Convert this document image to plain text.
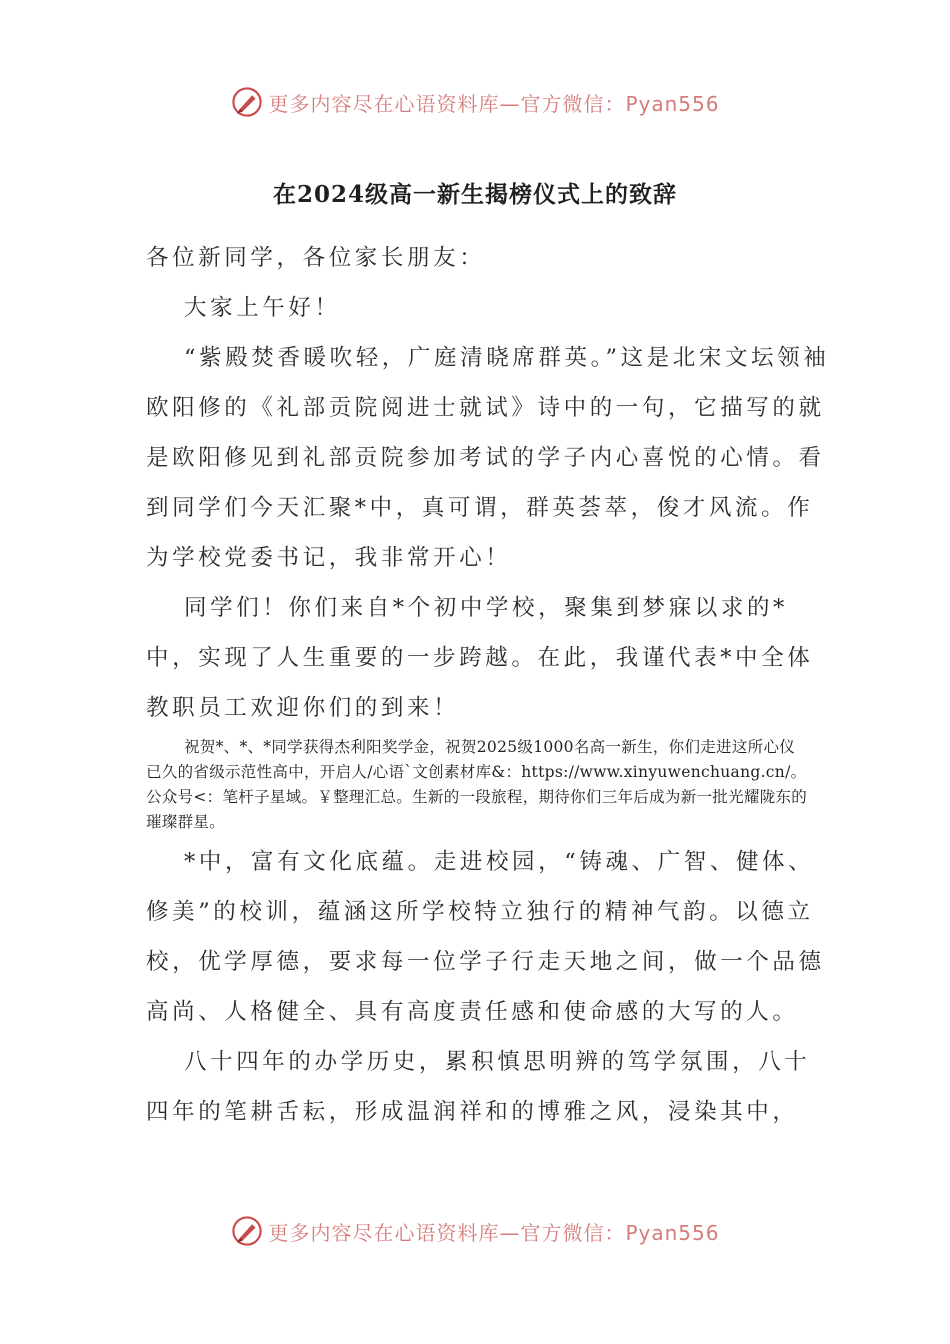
更多内容尽在心语资料库—官方微信：Pyan556
在2024级高一新生揭榜仪式上的致辞

各位新同学，各位家长朋友：

大家上午好！

“紫殿焚香暖吹轻，广庭清晓席群英。”这是北宋文坛领袖欧阳修的《礼部贡院阅进士就试》诗中的一句，它描写的就是欧阳修见到礼部贡院参加考试的学子内心喜悦的心情。看到同学们今天汇聚*中，真可谓，群英荟萃，俊才风流。作为学校党委书记，我非常开心！

同学们！你们来自*个初中学校，聚集到梦寐以求的*中，实现了人生重要的一步跨越。在此，我谨代表*中全体教职员工欢迎你们的到来！

祝贺*、*、*同学获得杰利阳奖学金，祝贺2025级1000名高一新生，你们走进这所心仪已久的省级示范性高中，开启人/心语`文创素材库&：https://www.xinyuwenchuang.cn/。公众号<：笔杆子星域。￥整理汇总。生新的一段旅程，期待你们三年后成为新一批光耀陇东的璀璨群星。

*中，富有文化底蕴。走进校园，“铸魂、广智、健体、修美”的校训，蕴涵这所学校特立独行的精神气韵。以德立校，优学厚德，要求每一位学子行走天地之间，做一个品德高尚、人格健全、具有高度责任感和使命感的大写的人。

八十四年的办学历史，累积慎思明辨的笃学氛围，八十四年的笔耕舌耘，形成温润祥和的博雅之风，浸染其中，

更多内容尽在心语资料库—官方微信：Pyan556
